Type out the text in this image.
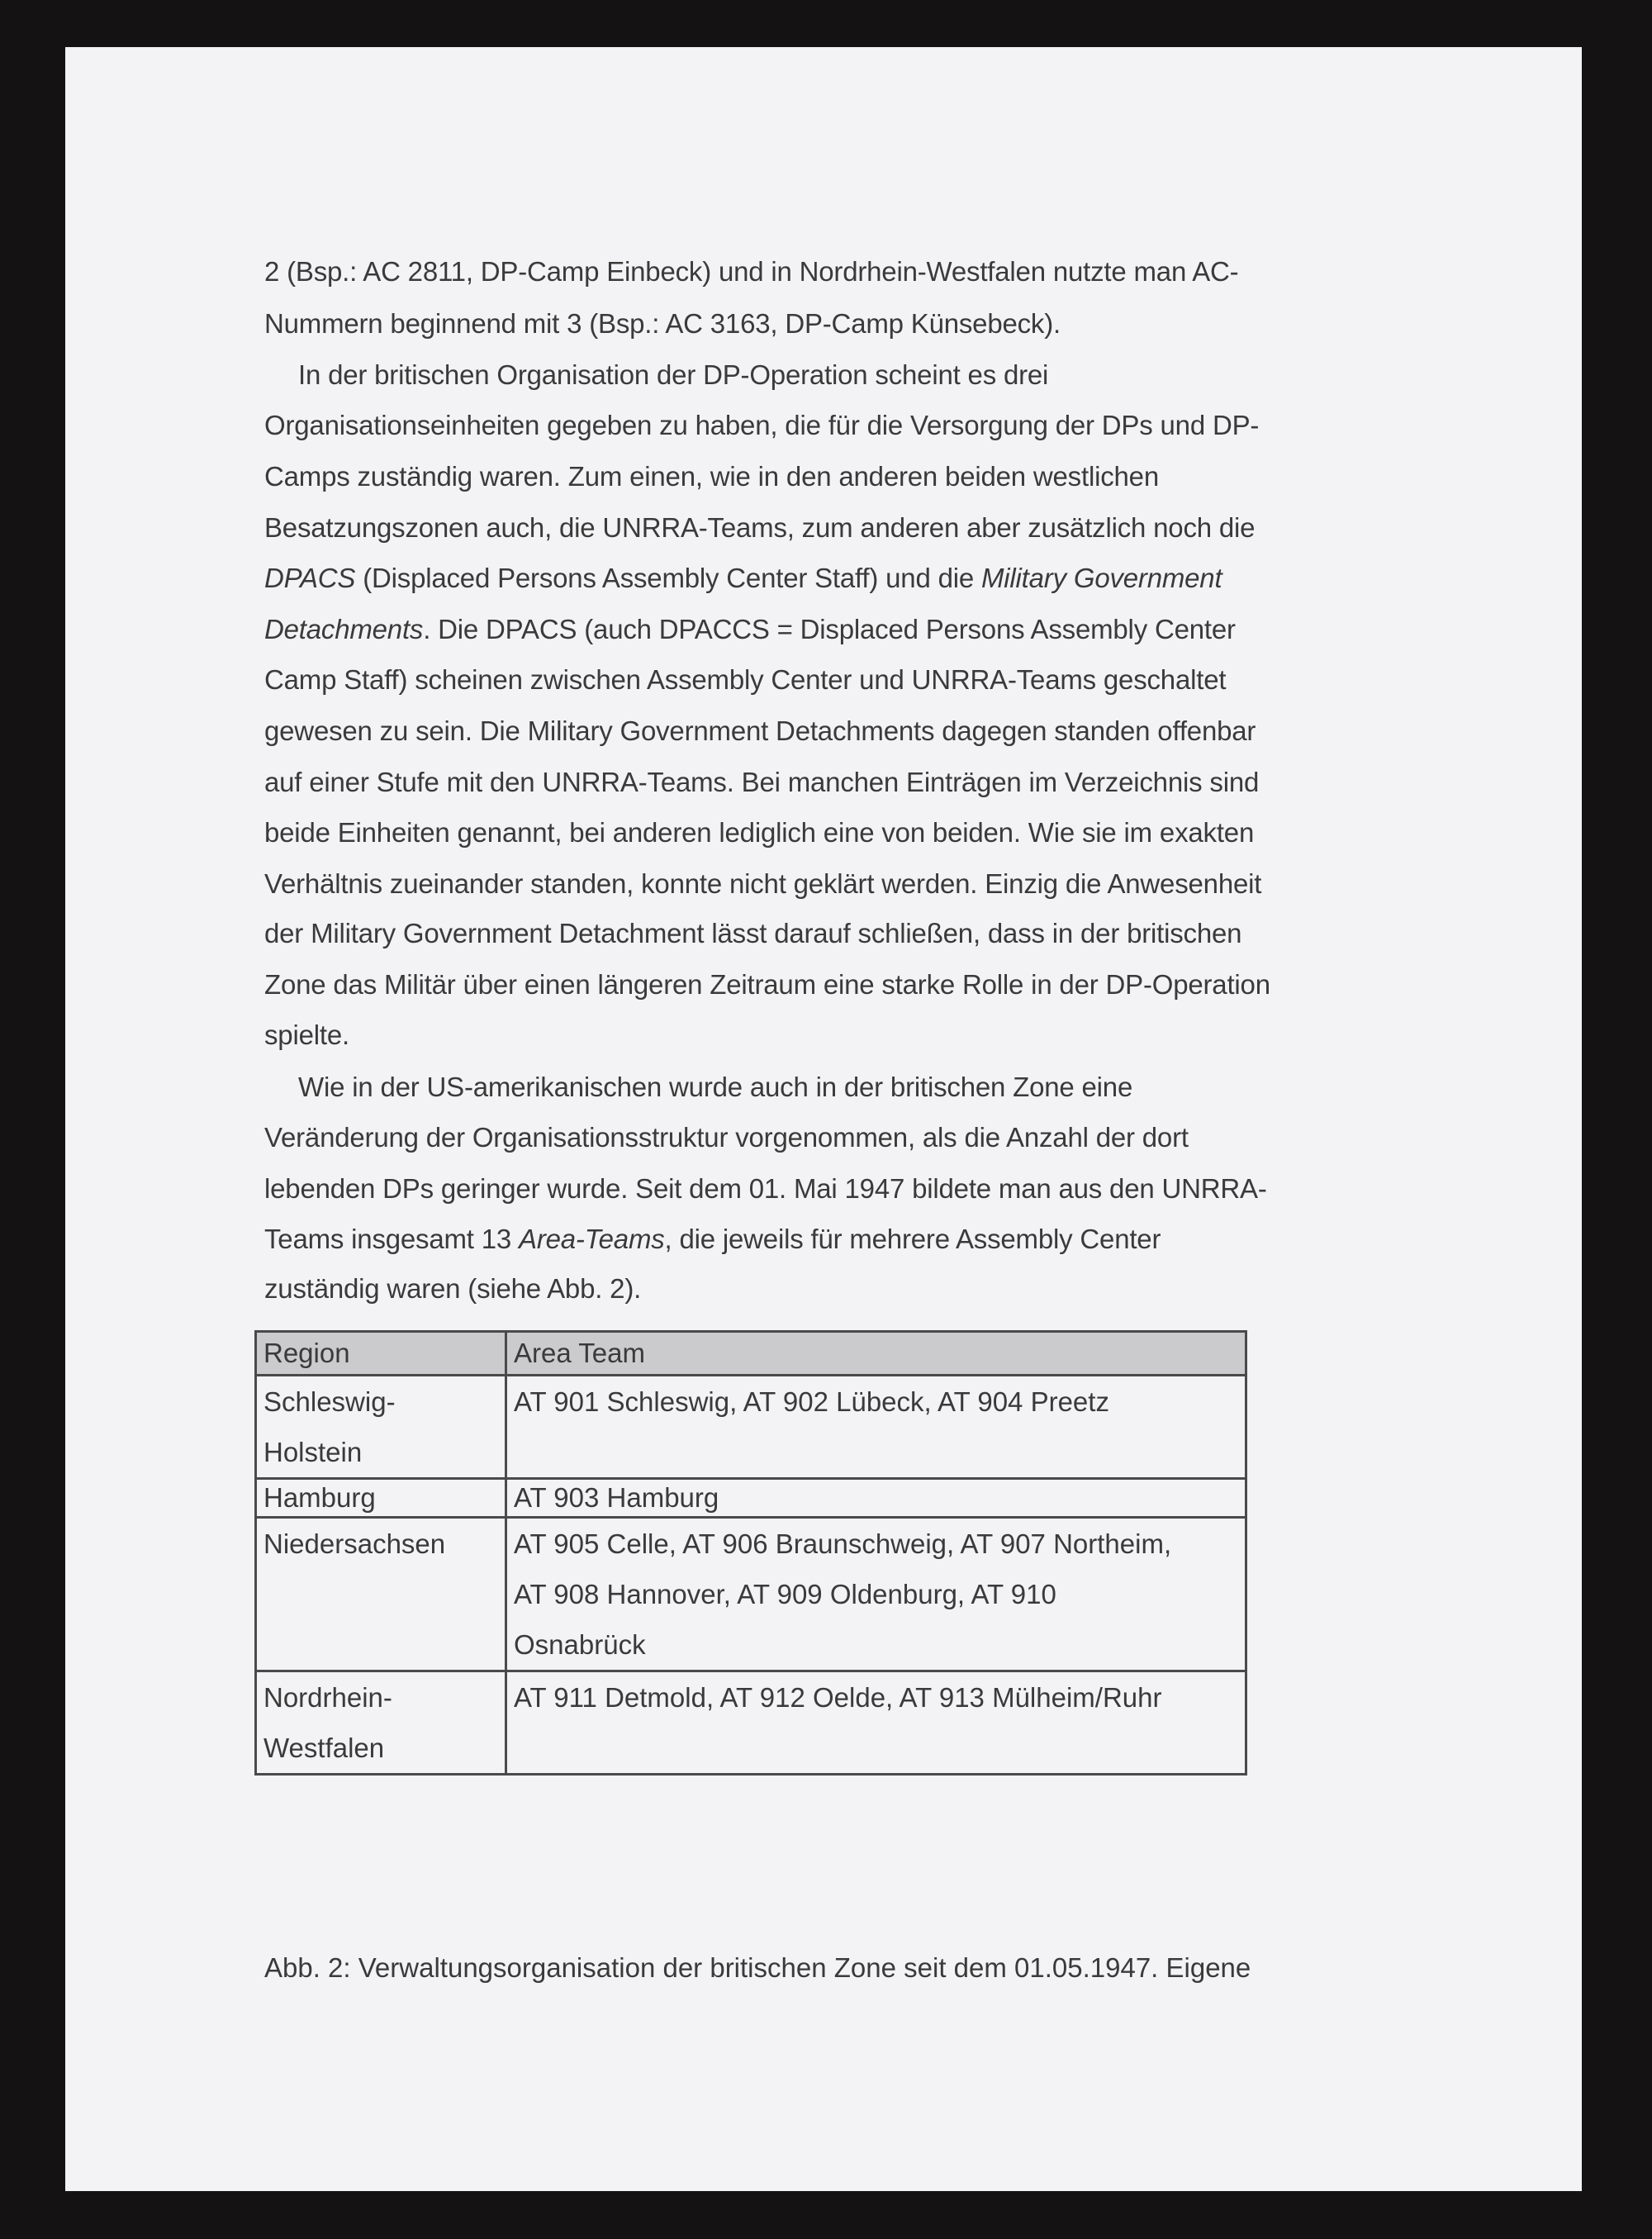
2 (Bsp.: AC 2811, DP-Camp Einbeck) und in Nordrhein-Westfalen nutzte man AC-
Nummern beginnend mit 3 (Bsp.: AC 3163, DP-Camp Künsebeck).
In der britischen Organisation der DP-Operation scheint es drei
Organisationseinheiten gegeben zu haben, die für die Versorgung der DPs und DP-
Camps zuständig waren. Zum einen, wie in den anderen beiden westlichen
Besatzungszonen auch, die UNRRA-Teams, zum anderen aber zusätzlich noch die
DPACS (Displaced Persons Assembly Center Staff) und die Military Government
Detachments. Die DPACS (auch DPACCS = Displaced Persons Assembly Center
Camp Staff) scheinen zwischen Assembly Center und UNRRA-Teams geschaltet
gewesen zu sein. Die Military Government Detachments dagegen standen offenbar
auf einer Stufe mit den UNRRA-Teams. Bei manchen Einträgen im Verzeichnis sind
beide Einheiten genannt, bei anderen lediglich eine von beiden. Wie sie im exakten
Verhältnis zueinander standen, konnte nicht geklärt werden. Einzig die Anwesenheit
der Military Government Detachment lässt darauf schließen, dass in der britischen
Zone das Militär über einen längeren Zeitraum eine starke Rolle in der DP-Operation
spielte.
Wie in der US-amerikanischen wurde auch in der britischen Zone eine
Veränderung der Organisationsstruktur vorgenommen, als die Anzahl der dort
lebenden DPs geringer wurde. Seit dem 01. Mai 1947 bildete man aus den UNRRA-
Teams insgesamt 13 Area-Teams, die jeweils für mehrere Assembly Center
zuständig waren (siehe Abb. 2).
Region	Area Team

Schleswig-
Holstein	AT 901 Schleswig, AT 902 Lübeck, AT 904 Preetz

Hamburg	AT 903 Hamburg

Niedersachsen	AT 905 Celle, AT 906 Braunschweig, AT 907 Northeim,
AT 908 Hannover, AT 909 Oldenburg, AT 910
Osnabrück

Nordrhein-
Westfalen	AT 911 Detmold, AT 912 Oelde, AT 913 Mülheim/Ruhr
Abb. 2: Verwaltungsorganisation der britischen Zone seit dem 01.05.1947. Eigene
